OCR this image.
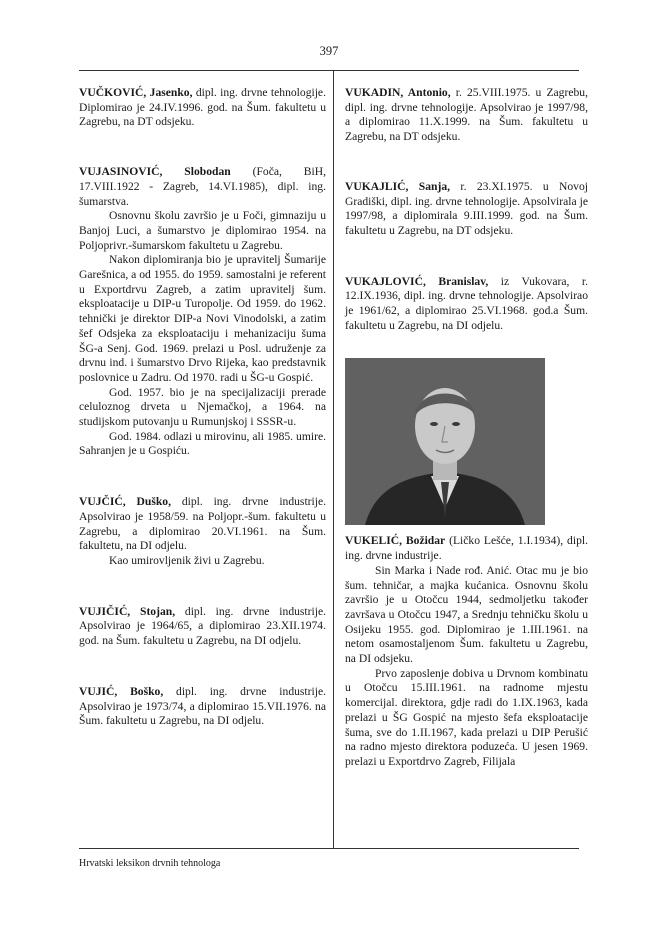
397

VUČKOVIĆ, Jasenko, dipl. ing. drvne tehnologije. Diplomirao je 24.IV.1996. god. na Šum. fakultetu u Zagrebu, na DT odsjeku.

VUJASINOVIĆ, Slobodan (Foča, BiH, 17.VIII.1922 - Zagreb, 14.VI.1985), dipl. ing. šumarstva.

Osnovnu školu završio je u Foči, gimnaziju u Banjoj Luci, a šumarstvo je diplomirao 1954. na Poljoprivr.-šumarskom fakultetu u Zagrebu.

Nakon diplomiranja bio je upravitelj Šumarije Garešnica, a od 1955. do 1959. samostalni je referent u Exportdrvu Zagreb, a zatim upravitelj šum. eksploatacije u DIP-u Turopolje. Od 1959. do 1962. tehnički je direktor DIP-a Novi Vinodolski, a zatim šef Odsjeka za eksploataciju i mehanizaciju šuma ŠG-a Senj. God. 1969. prelazi u Posl. udruženje za drvnu ind. i šumarstvo Drvo Rijeka, kao predstavnik poslovnice u Zadru. Od 1970. radi u ŠG-u Gospić.

God. 1957. bio je na specijalizaciji prerade celuloznog drveta u Njemačkoj, a 1964. na studijskom putovanju u Rumunjskoj i SSSR-u.

God. 1984. odlazi u mirovinu, ali 1985. umire. Sahranjen je u Gospiću.

VUJČIĆ, Duško, dipl. ing. drvne industrije. Apsolvirao je 1958/59. na Poljopr.-šum. fakultetu u Zagrebu, a diplomirao 20.VI.1961. na Šum. fakultetu, na DI odjelu.

Kao umirovljenik živi u Zagrebu.

VUJIČIĆ, Stojan, dipl. ing. drvne industrije. Apsolvirao je 1964/65, a diplomirao 23.XII.1974. god. na Šum. fakultetu u Zagrebu, na DI odjelu.

VUJIĆ, Boško, dipl. ing. drvne industrije. Apsolvirao je 1973/74, a diplomirao 15.VII.1976. na Šum. fakultetu u Zagrebu, na DI odjelu.

VUKADIN, Antonio, r. 25.VIII.1975. u Zagrebu, dipl. ing. drvne tehnologije. Apsolvirao je 1997/98, a diplomirao 11.X.1999. na Šum. fakultetu u Zagrebu, na DT odsjeku.

VUKAJLIĆ, Sanja, r. 23.XI.1975. u Novoj Gradiški, dipl. ing. drvne tehnologije. Apsolvirala je 1997/98, a diplomirala 9.III.1999. god. na Šum. fakultetu u Zagrebu, na DT odsjeku.

VUKAJLOVIĆ, Branislav, iz Vukovara, r. 12.IX.1936, dipl. ing. drvne tehnologije. Apsolvirao je 1961/62, a diplomirao 25.VI.1968. god.a Šum. fakultetu u Zagrebu, na DI odjelu.

VUKELIĆ, Božidar (Ličko Lešće, 1.I.1934), dipl. ing. drvne industrije.

Sin Marka i Nade rođ. Anić. Otac mu je bio šum. tehničar, a majka kućanica. Osnovnu školu završio je u Otočcu 1944, sedmoljetku također završava u Otočcu 1947, a Srednju tehničku školu u Osijeku 1955. god. Diplomirao je 1.III.1961. na netom osamostaljenom Šum. fakultetu u Zagrebu, na DI odsjeku.

Prvo zaposlenje dobiva u Drvnom kombinatu u Otočcu 15.III.1961. na radnome mjestu komercijal. direktora, gdje radi do 1.IX.1963, kada prelazi u ŠG Gospić na mjesto šefa eksploatacije šuma, sve do 1.II.1967, kada prelazi u DIP Perušić na radno mjesto direktora poduzeća. U jesen 1969. prelazi u Exportdrvo Zagreb, Filijala

Hrvatski leksikon drvnih tehnologa
